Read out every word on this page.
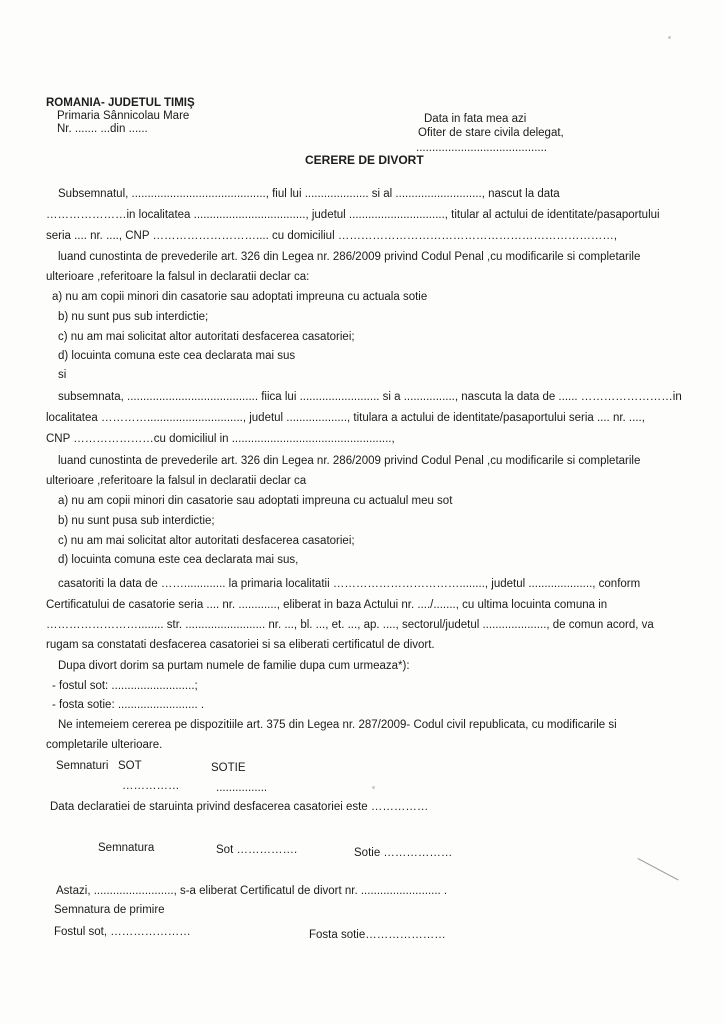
ROMANIA- JUDETUL TIMIŞ
Primaria Sânnicolau Mare
Nr. ....... ...din ......
Data in fata mea azi
Ofiter de stare civila delegat,
.........................................
CERERE DE DIVORT
Subsemnatul, .........................................., fiul lui .................... si al ..........................., nascut la data
…………………in localitatea ..................................., judetul .............................., titular al actului de identitate/pasaportului
seria .... nr. ...., CNP ……………………….... cu domiciliul ………………………………………………………………,
luand cunostinta de prevederile art. 326 din Legea nr. 286/2009 privind Codul Penal ,cu modificarile si completarile
ulterioare ,referitoare la falsul in declaratii declar ca:
a) nu am copii minori din casatorie sau adoptati impreuna cu actuala sotie
b) nu sunt pus sub interdictie;
c) nu am mai solicitat altor autoritati desfacerea casatoriei;
d) locuinta comuna este cea declarata mai sus
si
subsemnata, ......................................... fiica lui ......................... si a ................, nascuta la data de ...... ……………………in
localitatea ………….............................., judetul ..................., titulara a actului de identitate/pasaportului seria .... nr. ....,
CNP …………………cu domiciliul in ..................................................,
luand cunostinta de prevederile art. 326 din Legea nr. 286/2009 privind Codul Penal ,cu modificarile si completarile
ulterioare ,referitoare la falsul in declaratii declar ca
a) nu am copii minori din casatorie sau adoptati impreuna cu actualul meu sot
b) nu sunt pusa sub interdictie;
c) nu am mai solicitat altor autoritati desfacerea casatoriei;
d) locuinta comuna este cea declarata mai sus,
casatoriti la data de ……............. la primaria localitatii ……………………………........, judetul ...................., conform
Certificatului de casatorie seria .... nr. ............, eliberat in baza Actului nr. ..../......., cu ultima locuinta comuna in
……………………........ str. ......................... nr. ..., bl. ..., et. ..., ap. ...., sectorul/judetul ...................., de comun acord, va
rugam sa constatati desfacerea casatoriei si sa eliberati certificatul de divort.
Dupa divort dorim sa purtam numele de familie dupa cum urmeaza*):
- fostul sot: ..........................;
- fosta sotie: ......................... .
Ne intemeiem cererea pe dispozitiile art. 375 din Legea nr. 287/2009- Codul civil republicata, cu modificarile si
completarile ulterioare.
Semnaturi SOT	SOTIE
……………	................
Data declaratiei de staruinta privind desfacerea casatoriei este ……………
Semnatura	Sot …………….	Sotie ………………
Astazi, ........................., s-a eliberat Certificatul de divort nr. ......................... .
Semnatura de primire
Fostul sot, …………………	Fosta sotie…………………
